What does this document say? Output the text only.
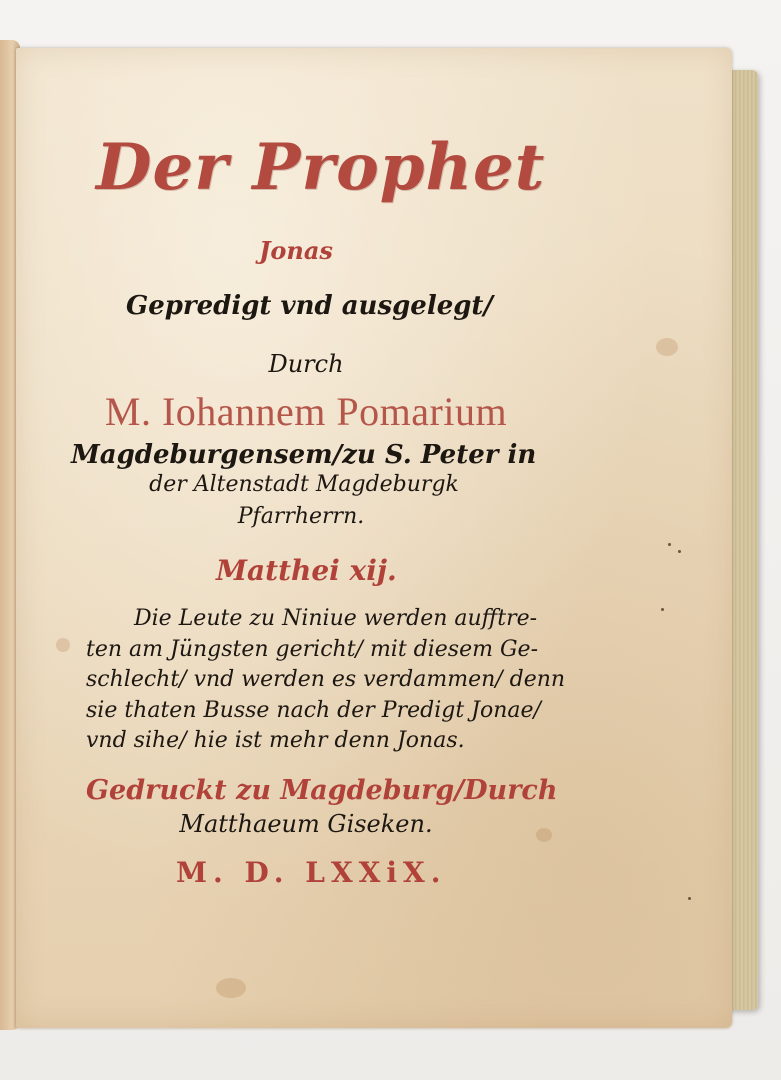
Der Prophet
Jonas
Gepredigt vnd ausgelegt/
Durch
M. Iohannem Pomarium
Magdeburgensem/zu S. Peter in
der Altenstadt Magdeburgk
Pfarrherrn.
Matthei xij.
Die Leute zu Niniue werden aufftre-
ten am Jüngsten gericht/ mit diesem Ge-
schlecht/ vnd werden es verdammen/ denn
sie thaten Busse nach der Predigt Jonae/
vnd sihe/ hie ist mehr denn Jonas.
Gedruckt zu Magdeburg/Durch
Matthaeum Giseken.
M. D. LXXiX.
